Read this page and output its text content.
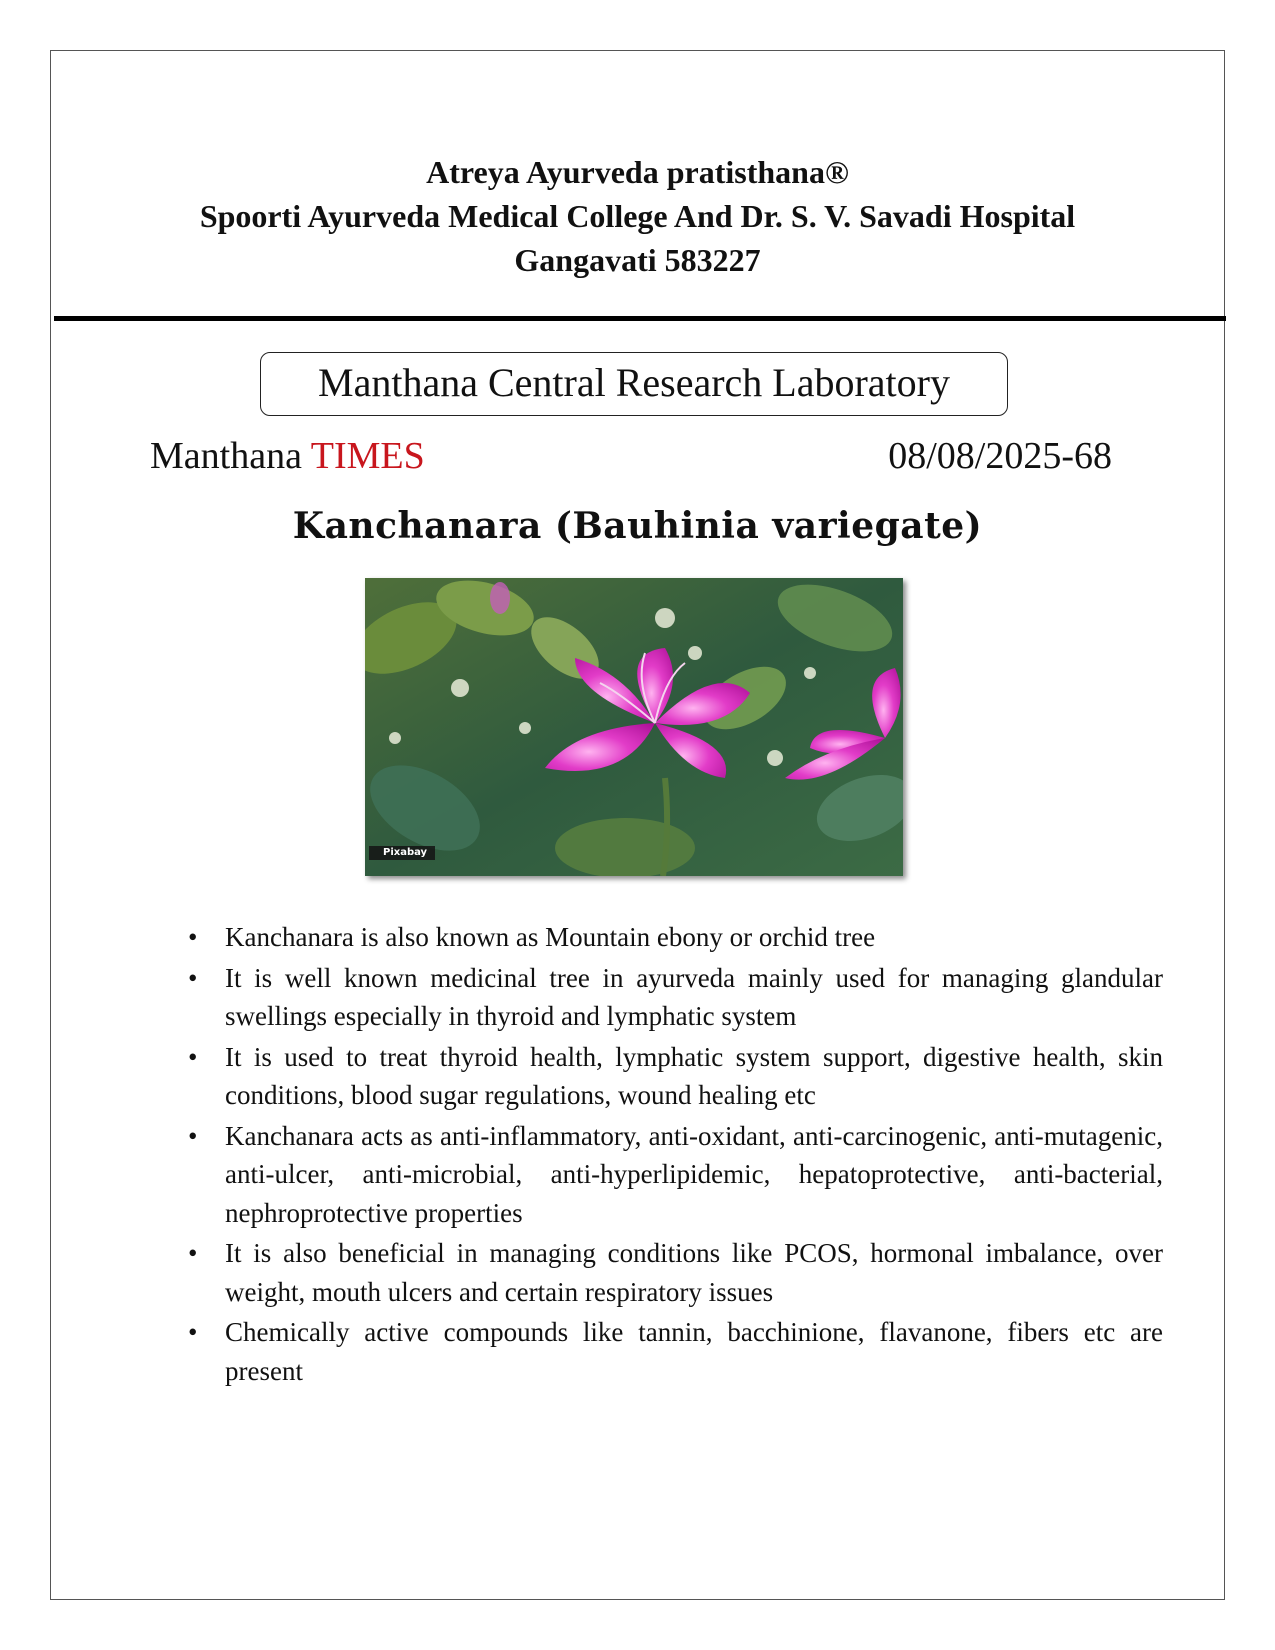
Atreya Ayurveda pratisthana®
Spoorti Ayurveda Medical College And Dr. S. V. Savadi Hospital
Gangavati 583227
Manthana Central Research Laboratory
Manthana TIMES	08/08/2025-68
Kanchanara (Bauhinia variegate)
Pixabay
•	Kanchanara is also known as Mountain ebony or orchid tree
•	It is well known medicinal tree in ayurveda mainly used for managing glandular swellings especially in thyroid and lymphatic system
•	It is used to treat thyroid health, lymphatic system support, digestive health, skin conditions, blood sugar regulations, wound healing etc
•	Kanchanara acts as anti-inflammatory, anti-oxidant, anti-carcinogenic, anti-mutagenic, anti-ulcer, anti-microbial, anti-hyperlipidemic, hepatoprotective, anti-bacterial, nephroprotective properties
•	It is also beneficial in managing conditions like PCOS, hormonal imbalance, over weight, mouth ulcers and certain respiratory issues
•	Chemically active compounds like tannin, bacchinione, flavanone, fibers etc are present
